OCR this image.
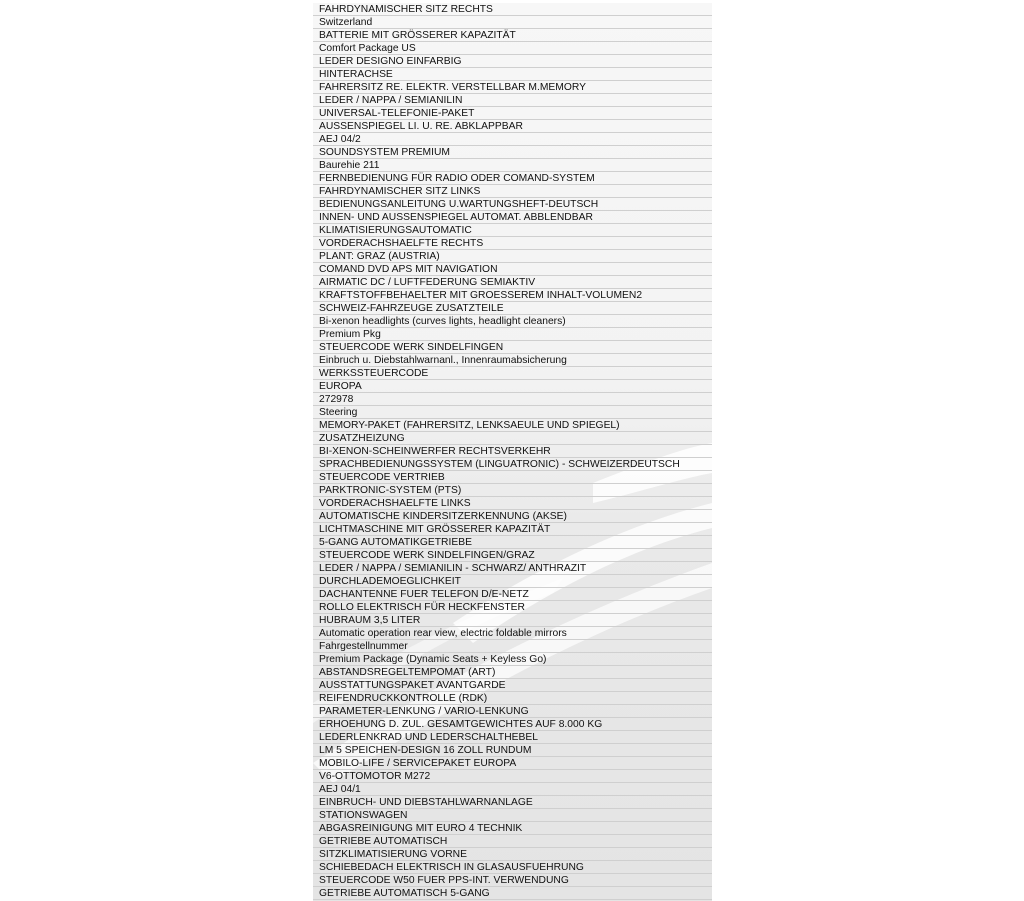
FAHRDYNAMISCHER SITZ RECHTS
Switzerland
BATTERIE MIT GRÖSSERER KAPAZITÄT
Comfort Package US
LEDER DESIGNO EINFARBIG
HINTERACHSE
FAHRERSITZ RE. ELEKTR. VERSTELLBAR M.MEMORY
LEDER / NAPPA / SEMIANILIN
UNIVERSAL-TELEFONIE-PAKET
AUSSENSPIEGEL LI. U. RE. ABKLAPPBAR
AEJ 04/2
SOUNDSYSTEM PREMIUM
Baurehie 211
FERNBEDIENUNG FÜR RADIO ODER COMAND-SYSTEM
FAHRDYNAMISCHER SITZ LINKS
BEDIENUNGSANLEITUNG U.WARTUNGSHEFT-DEUTSCH
INNEN- UND AUSSENSPIEGEL AUTOMAT. ABBLENDBAR
KLIMATISIERUNGSAUTOMATIC
VORDERACHSHAELFTE RECHTS
PLANT: GRAZ (AUSTRIA)
COMAND DVD APS MIT NAVIGATION
AIRMATIC DC / LUFTFEDERUNG SEMIAKTIV
KRAFTSTOFFBEHAELTER MIT GROESSEREM INHALT-VOLUMEN2
SCHWEIZ-FAHRZEUGE ZUSATZTEILE
Bi-xenon headlights (curves lights, headlight cleaners)
Premium Pkg
STEUERCODE WERK SINDELFINGEN
Einbruch u. Diebstahlwarnanl., Innenraumabsicherung
WERKSSTEUERCODE
EUROPA
272978
Steering
MEMORY-PAKET (FAHRERSITZ, LENKSAEULE UND SPIEGEL)
ZUSATZHEIZUNG
BI-XENON-SCHEINWERFER RECHTSVERKEHR
SPRACHBEDIENUNGSSYSTEM (LINGUATRONIC) - SCHWEIZERDEUTSCH
STEUERCODE VERTRIEB
PARKTRONIC-SYSTEM (PTS)
VORDERACHSHAELFTE LINKS
AUTOMATISCHE KINDERSITZERKENNUNG (AKSE)
LICHTMASCHINE MIT GRÖSSERER KAPAZITÄT
5-GANG AUTOMATIKGETRIEBE
STEUERCODE WERK SINDELFINGEN/GRAZ
LEDER / NAPPA / SEMIANILIN - SCHWARZ/ ANTHRAZIT
DURCHLADEMOEGLICHKEIT
DACHANTENNE FUER TELEFON D/E-NETZ
ROLLO ELEKTRISCH FÜR HECKFENSTER
HUBRAUM 3,5 LITER
Automatic operation rear view, electric foldable mirrors
Fahrgestellnummer
Premium Package (Dynamic Seats + Keyless Go)
ABSTANDSREGELTEMPOMAT (ART)
AUSSTATTUNGSPAKET AVANTGARDE
REIFENDRUCKKONTROLLE (RDK)
PARAMETER-LENKUNG / VARIO-LENKUNG
ERHOEHUNG D. ZUL. GESAMTGEWICHTES AUF 8.000 KG
LEDERLENKRAD UND LEDERSCHALTHEBEL
LM 5 SPEICHEN-DESIGN 16 ZOLL RUNDUM
MOBILO-LIFE / SERVICEPAKET EUROPA
V6-OTTOMOTOR M272
AEJ 04/1
EINBRUCH- UND DIEBSTAHLWARNANLAGE
STATIONSWAGEN
ABGASREINIGUNG MIT EURO 4 TECHNIK
GETRIEBE AUTOMATISCH
SITZKLIMATISIERUNG VORNE
SCHIEBEDACH ELEKTRISCH IN GLASAUSFUEHRUNG
STEUERCODE W50 FUER PPS-INT. VERWENDUNG
GETRIEBE AUTOMATISCH 5-GANG
